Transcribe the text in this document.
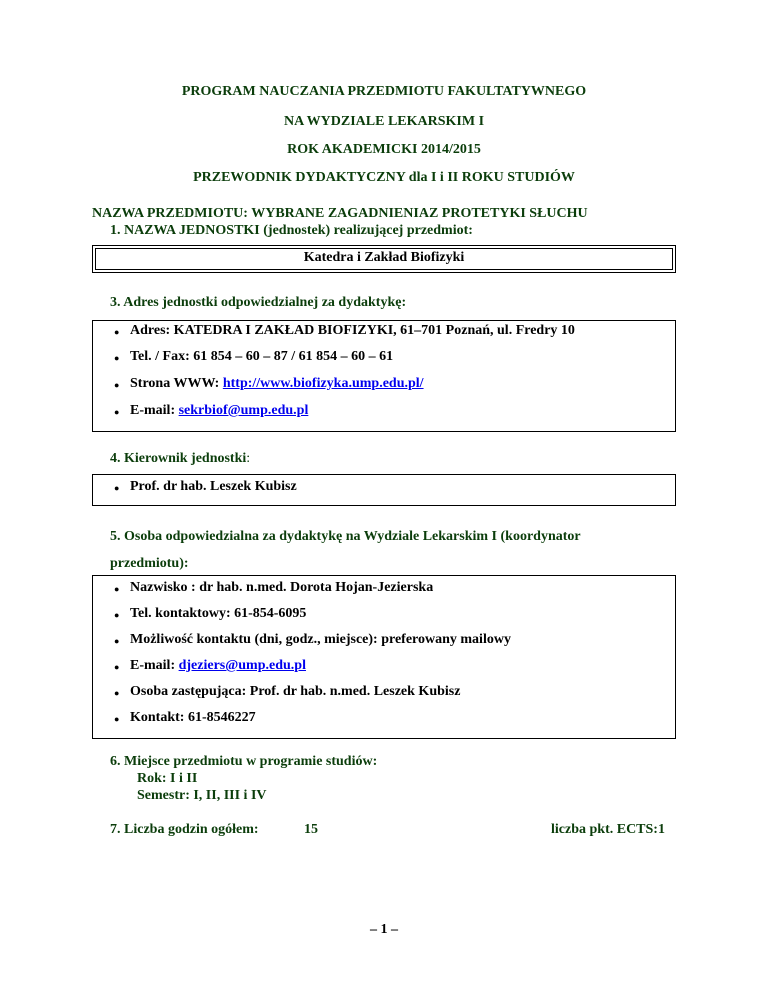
PROGRAM NAUCZANIA PRZEDMIOTU FAKULTATYWNEGO
NA WYDZIALE LEKARSKIM I
ROK AKADEMICKI 2014/2015
PRZEWODNIK DYDAKTYCZNY dla I i II ROKU STUDIÓW
NAZWA PRZEDMIOTU: WYBRANE ZAGADNIENIAZ PROTETYKI SŁUCHU
1. NAZWA JEDNOSTKI (jednostek) realizującej przedmiot:
Katedra i Zakład Biofizyki
3. Adres jednostki odpowiedzialnej za dydaktykę:
● Adres: KATEDRA I ZAKŁAD BIOFIZYKI, 61–701 Poznań, ul. Fredry 10
● Tel. / Fax: 61 854 – 60 – 87 / 61 854 – 60 – 61
● Strona WWW: http://www.biofizyka.ump.edu.pl/
● E-mail: sekrbiof@ump.edu.pl
4. Kierownik jednostki:
● Prof. dr hab. Leszek Kubisz
5. Osoba odpowiedzialna za dydaktykę na Wydziale Lekarskim I (koordynator
przedmiotu):
● Nazwisko : dr hab. n.med. Dorota Hojan-Jezierska
● Tel. kontaktowy: 61-854-6095
● Możliwość kontaktu (dni, godz., miejsce): preferowany mailowy
● E-mail: djeziers@ump.edu.pl
● Osoba zastępująca: Prof. dr hab. n.med. Leszek Kubisz
● Kontakt: 61-8546227
6. Miejsce przedmiotu w programie studiów:
Rok: I i II
Semestr: I, II, III i IV
7. Liczba godzin ogółem:	15	liczba pkt. ECTS:1
– 1 –
